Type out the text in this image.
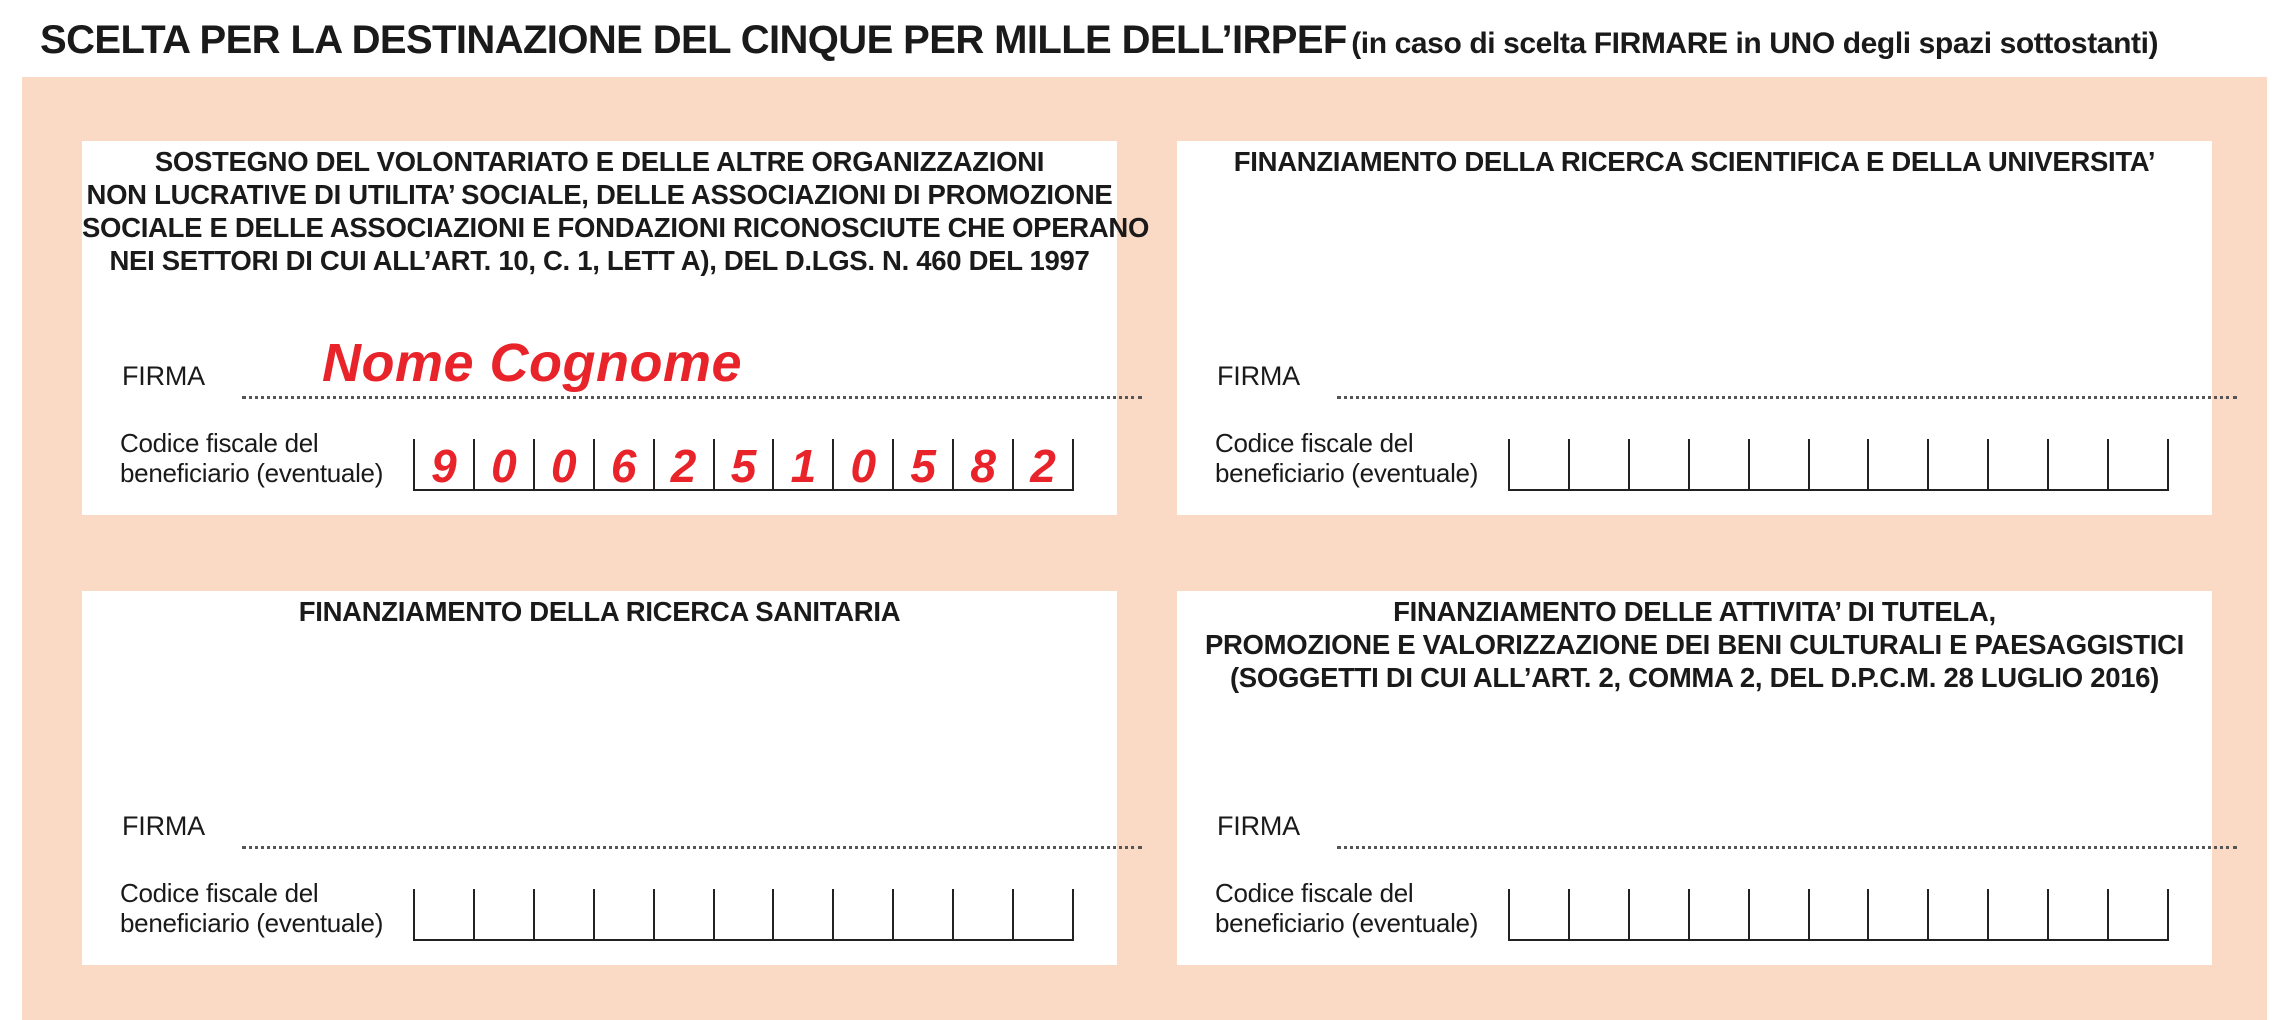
SCELTA PER LA DESTINAZIONE DEL CINQUE PER MILLE DELL’IRPEF (in caso di scelta FIRMARE in UNO degli spazi sottostanti)
SOSTEGNO DEL VOLONTARIATO E DELLE ALTRE ORGANIZZAZIONI
NON LUCRATIVE DI UTILITA’ SOCIALE, DELLE ASSOCIAZIONI DI PROMOZIONE
SOCIALE E DELLE ASSOCIAZIONI E FONDAZIONI RICONOSCIUTE CHE OPERANO
NEI SETTORI DI CUI ALL’ART. 10, C. 1, LETT A), DEL D.LGS. N. 460 DEL 1997
FIRMA Nome Cognome
Codice fiscale del
beneficiario (eventuale)	9 0 0 6 2 5 1 0 5 8 2
FINANZIAMENTO DELLA RICERCA SCIENTIFICA E DELLA UNIVERSITA’
FIRMA
Codice fiscale del
beneficiario (eventuale)
FINANZIAMENTO DELLA RICERCA SANITARIA
FIRMA
Codice fiscale del
beneficiario (eventuale)
FINANZIAMENTO DELLE ATTIVITA’ DI TUTELA,
PROMOZIONE E VALORIZZAZIONE DEI BENI CULTURALI E PAESAGGISTICI
(SOGGETTI DI CUI ALL’ART. 2, COMMA 2, DEL D.P.C.M. 28 LUGLIO 2016)
FIRMA
Codice fiscale del
beneficiario (eventuale)
